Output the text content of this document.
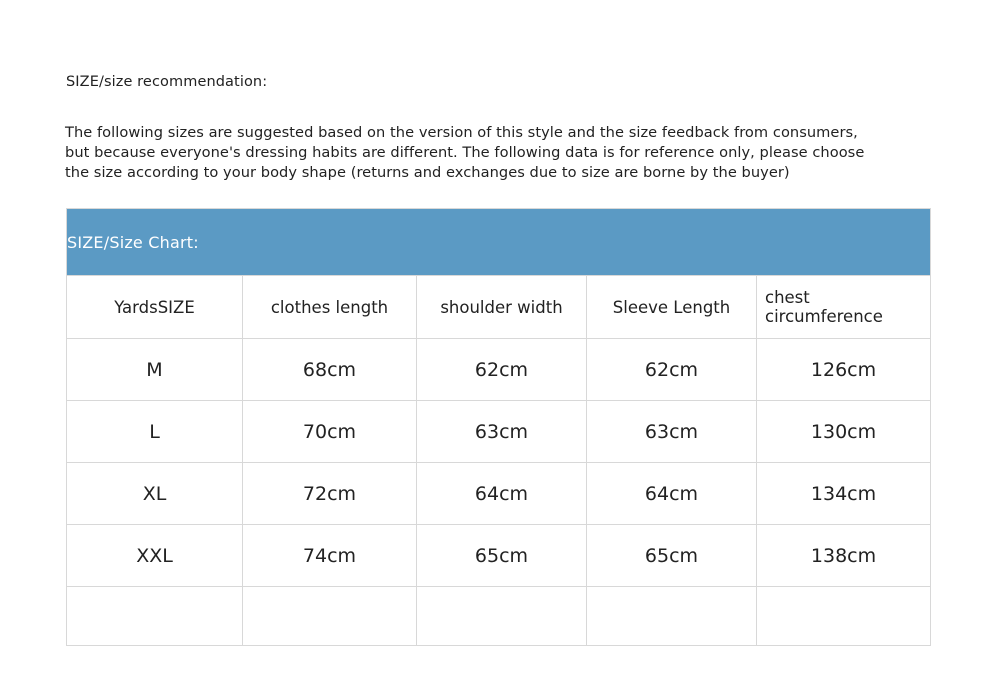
SIZE/size recommendation:
The following sizes are suggested based on the version of this style and the size feedback from consumers,
but because everyone's dressing habits are different. The following data is for reference only, please choose
the size according to your body shape (returns and exchanges due to size are borne by the buyer)
SIZE/Size Chart:				
YardsSIZE	clothes length	shoulder width	Sleeve Length	chest circumference
M	68cm	62cm	62cm	126cm
L	70cm	63cm	63cm	130cm
XL	72cm	64cm	64cm	134cm
XXL	74cm	65cm	65cm	138cm
